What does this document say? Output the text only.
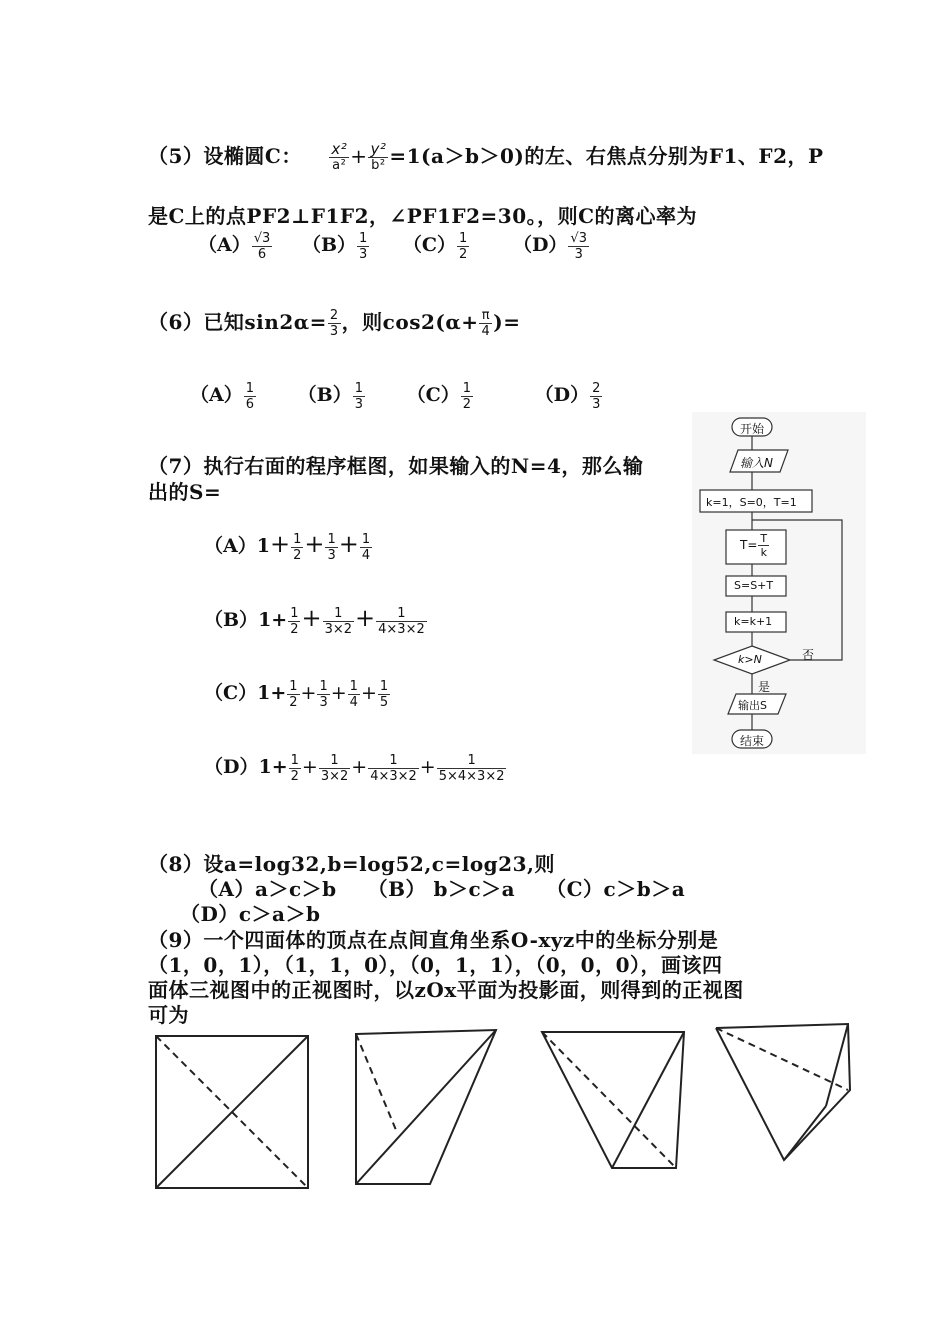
（5）设椭圆C： $\frac{\text{x²}}{\text{a²}} + \frac{\text{y²}}{\text{b²}} =1(a>b>0)$的左、右焦点分别为F1、F2，P
是C上的点PF2⊥F1F2，∠PF1F2=30。，则C的离心率为
$(A) \frac{√3}{6} (B) \frac{1}{3} (C) \frac{1}{2} (D) \frac{√3}{3}$
（6）已知$\sin 2\alpha= \frac{2}{3}$ ，则$\cos 2(\alpha+ \frac{\pi}{4}$ )=
$(A) \frac{1}{6} (B) \frac{1}{3} (C) \frac{1}{2}$	$(D) \frac{2}{3}$
（7）执行右面的程序框图，如果输入的N=4，那么输
出的S=
$(A)1+ \frac{1}{2} + \frac{1}{3} + \frac{1}{4}$
$(B)1+ \frac{1}{2} + \frac{1}{3\times 2} + \frac{1}{4\times 3\times 2}$
$(C)1+ \frac{1}{2} + \frac{1}{3} + \frac{1}{4} + \frac{1}{5}$
$(D)1+ \frac{1}{2} + \frac{1}{3\times 2} + \frac{1}{4\times 3\times 2} + \frac{1}{5\times 4\times 3\times 2}$
开始
输入N
k=1，S=0，T=1
$T= \frac{T}{k}$
S=S+T
k=k+1
k>N	否
是
输出S
结束
（8）设a=log32,b=log52,c=log23,则
（A）a＞c＞b　　（B） b＞c＞a　　（C）c＞b＞a
（D）c＞a＞b
（9）一个四面体的顶点在点间直角坐系O-xyz中的坐标分别是
（1，0，1），（1，1，0），（0，1，1），（0，0，0），画该四
面体三视图中的正视图时，以zOx平面为投影面，则得到的正视图
可为
